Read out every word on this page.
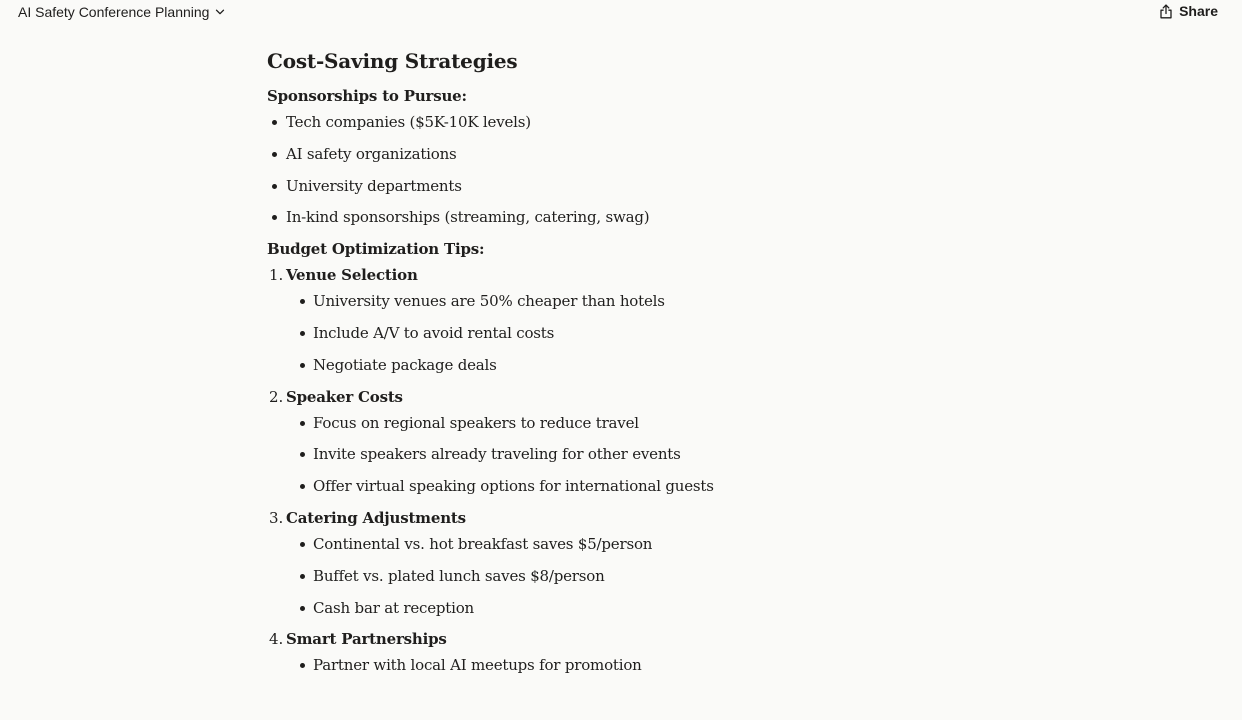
AI Safety Conference Planning	Share
Cost-Saving Strategies
Sponsorships to Pursue:
Tech companies ($5K-10K levels)
AI safety organizations
University departments
In-kind sponsorships (streaming, catering, swag)
Budget Optimization Tips:
1. Venue Selection
University venues are 50% cheaper than hotels
Include A/V to avoid rental costs
Negotiate package deals
2. Speaker Costs
Focus on regional speakers to reduce travel
Invite speakers already traveling for other events
Offer virtual speaking options for international guests
3. Catering Adjustments
Continental vs. hot breakfast saves $5/person
Buffet vs. plated lunch saves $8/person
Cash bar at reception
4. Smart Partnerships
Partner with local AI meetups for promotion
